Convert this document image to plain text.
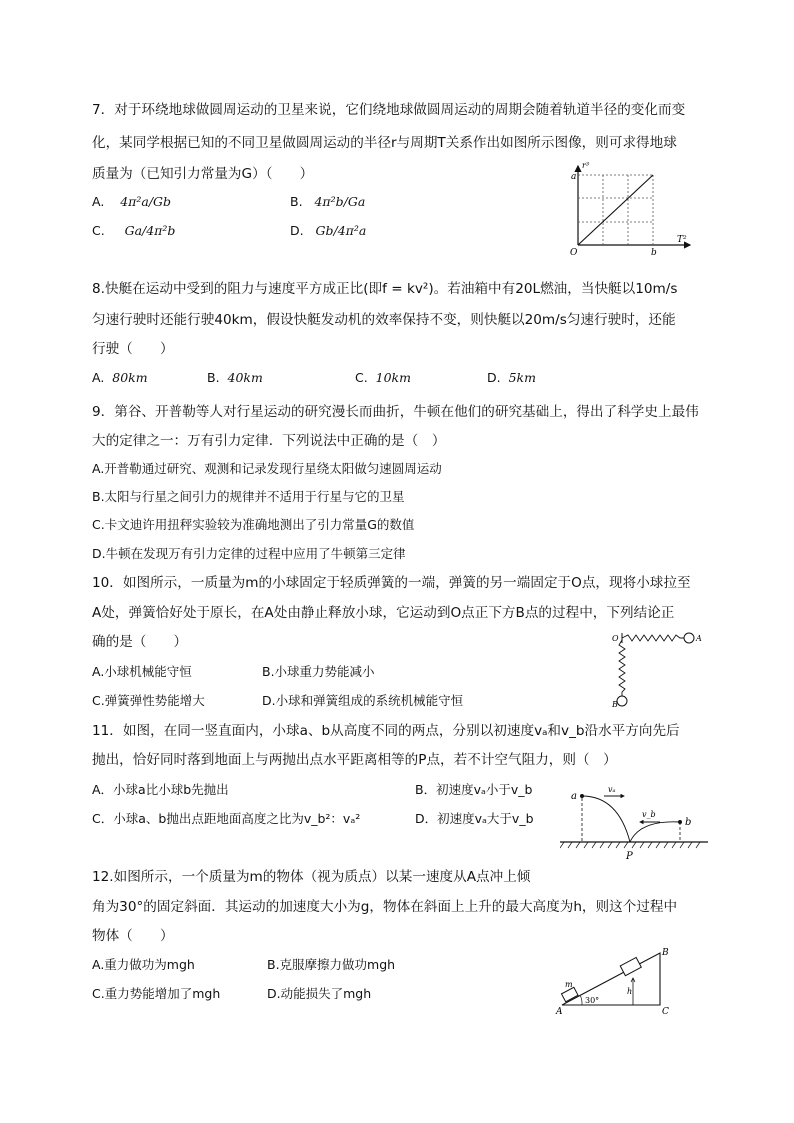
7．对于环绕地球做圆周运动的卫星来说，它们绕地球做圆周运动的周期会随着轨道半径的变化而变
化，某同学根据已知的不同卫星做圆周运动的半径r与周期T关系作出如图所示图像，则可求得地球
质量为（已知引力常量为G）（　　）
A. 4π²a/Gb	B. 4π²b/Ga
C. Ga/4π²b	D. Gb/4π²a
r³
a
O	b
T²
8.快艇在运动中受到的阻力与速度平方成正比(即f = kv²)。若油箱中有20L燃油，当快艇以10m/s
匀速行驶时还能行驶40km，假设快艇发动机的效率保持不变，则快艇以20m/s匀速行驶时，还能
行驶（　　）
A. 80km	B. 40km	C. 10km	D. 5km
9．第谷、开普勒等人对行星运动的研究漫长而曲折，牛顿在他们的研究基础上，得出了科学史上最伟
大的定律之一：万有引力定律．下列说法中正确的是（　）
A.开普勒通过研究、观测和记录发现行星绕太阳做匀速圆周运动
B.太阳与行星之间引力的规律并不适用于行星与它的卫星
C.卡文迪许用扭秤实验较为准确地测出了引力常量G的数值
D.牛顿在发现万有引力定律的过程中应用了牛顿第三定律
10．如图所示，一质量为m的小球固定于轻质弹簧的一端，弹簧的另一端固定于O点，现将小球拉至
A处，弹簧恰好处于原长，在A处由静止释放小球，它运动到O点正下方B点的过程中，下列结论正
确的是（　　）
A.小球机械能守恒	B.小球重力势能减小
C.弹簧弹性势能增大	D.小球和弹簧组成的系统机械能守恒
O	A
B
11．如图，在同一竖直面内，小球a、b从高度不同的两点，分别以初速度vₐ和v_b沿水平方向先后
抛出，恰好同时落到地面上与两抛出点水平距离相等的P点，若不计空气阻力，则（　）
A．小球a比小球b先抛出	B．初速度vₐ小于v_b
C．小球a、b抛出点距地面高度之比为v_b²：vₐ²	D．初速度vₐ大于v_b
a
b
vₐ
v_b
P
12.如图所示，一个质量为m的物体（视为质点）以某一速度从A点冲上倾
角为30°的固定斜面．其运动的加速度大小为g，物体在斜面上上升的最大高度为h，则这个过程中
物体（　　）
A.重力做功为mgh	B.克服摩擦力做功mgh
C.重力势能增加了mgh	D.动能损失了mgh
A
B
C
m
h
30°
